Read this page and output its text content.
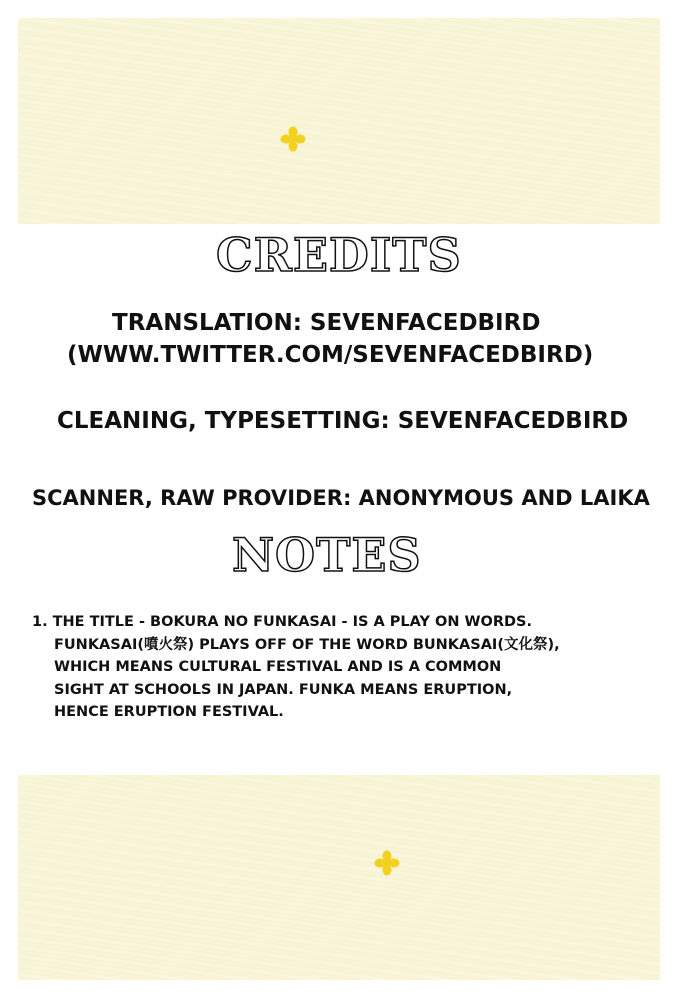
CREDITS
TRANSLATION: SEVENFACEDBIRD
(WWW.TWITTER.COM/SEVENFACEDBIRD)
CLEANING, TYPESETTING: SEVENFACEDBIRD
SCANNER, RAW PROVIDER: ANONYMOUS AND LAIKA
NOTES
1. THE TITLE - BOKURA NO FUNKASAI - IS A PLAY ON WORDS.
FUNKASAI(噴火祭) PLAYS OFF OF THE WORD BUNKASAI(文化祭),
WHICH MEANS CULTURAL FESTIVAL AND IS A COMMON
SIGHT AT SCHOOLS IN JAPAN. FUNKA MEANS ERUPTION,
HENCE ERUPTION FESTIVAL.
